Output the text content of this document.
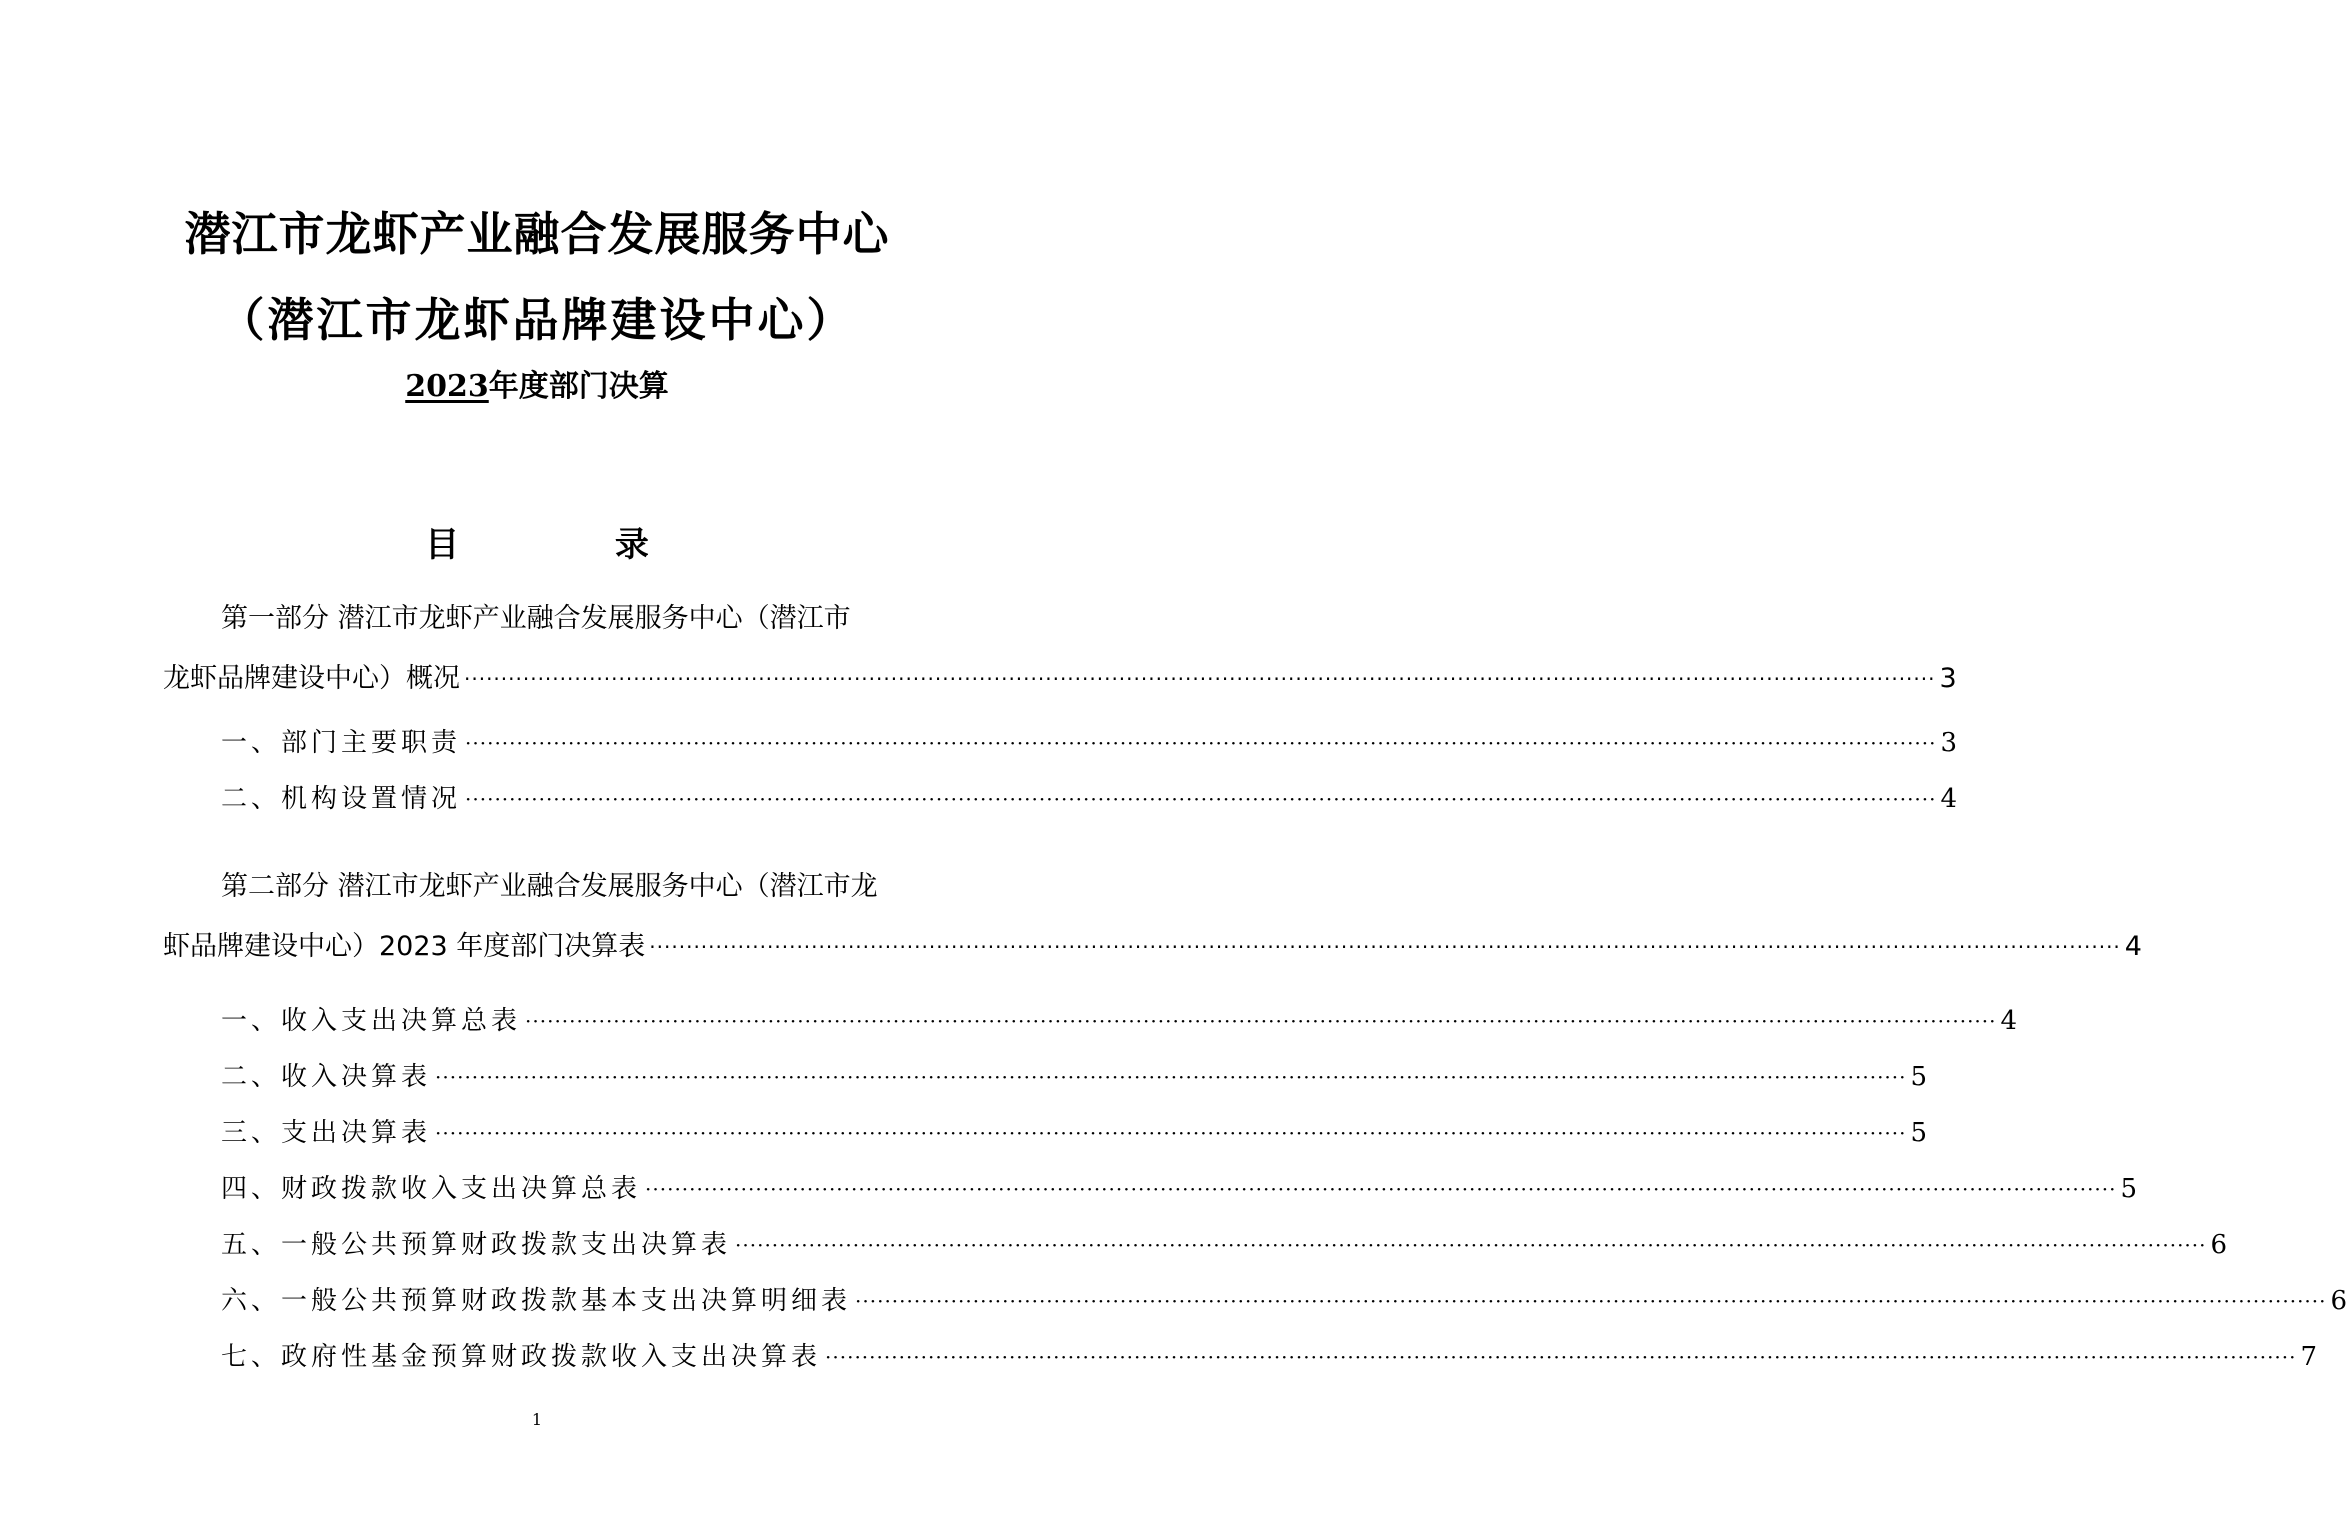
潜江市龙虾产业融合发展服务中心
（潜江市龙虾品牌建设中心）
2023年度部门决算
目 录
第一部分 潜江市龙虾产业融合发展服务中心（潜江市
龙虾品牌建设中心）概况 ········································································································································································································ 3
一、部门主要职责 ········································································································································································································ 3
二、机构设置情况 ········································································································································································································ 4
第二部分 潜江市龙虾产业融合发展服务中心（潜江市龙
虾品牌建设中心）2023 年度部门决算表 ········································································································································································································ 4
一、收入支出决算总表 ········································································································································································································ 4
二、收入决算表 ········································································································································································································ 5
三、支出决算表 ········································································································································································································ 5
四、财政拨款收入支出决算总表 ········································································································································································································ 5
五、一般公共预算财政拨款支出决算表 ········································································································································································································ 6
六、一般公共预算财政拨款基本支出决算明细表 ········································································································································································································ 6
七、政府性基金预算财政拨款收入支出决算表 ········································································································································································································ 7
1
